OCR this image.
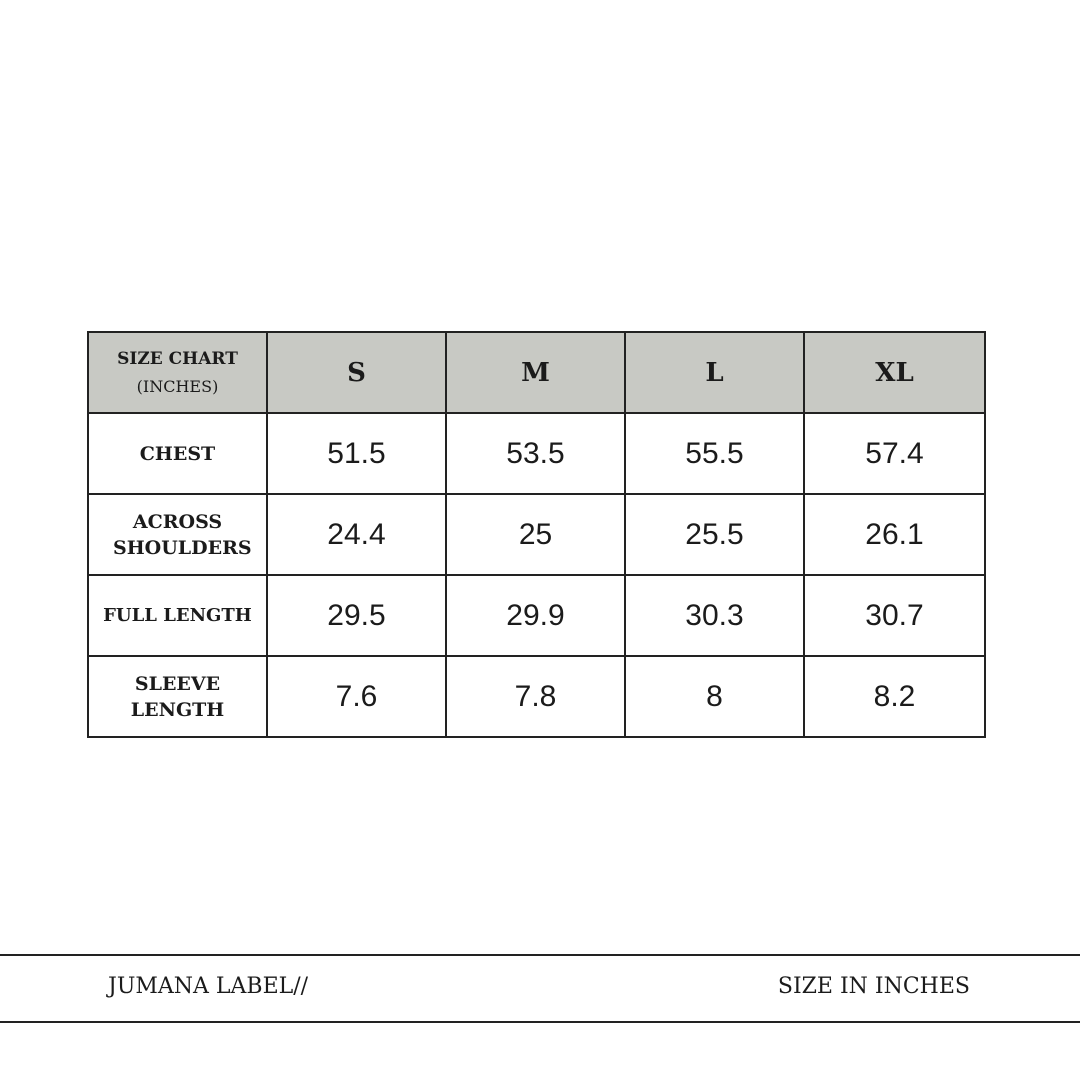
SIZE CHART
(INCHES)	S	M	L	XL

CHEST	51.5	53.5	55.5	57.4

ACROSS SHOULDERS	24.4	25	25.5	26.1

FULL LENGTH	29.5	29.9	30.3	30.7

SLEEVE LENGTH	7.6	7.8	8	8.2
JUMANA LABEL//	SIZE IN INCHES
